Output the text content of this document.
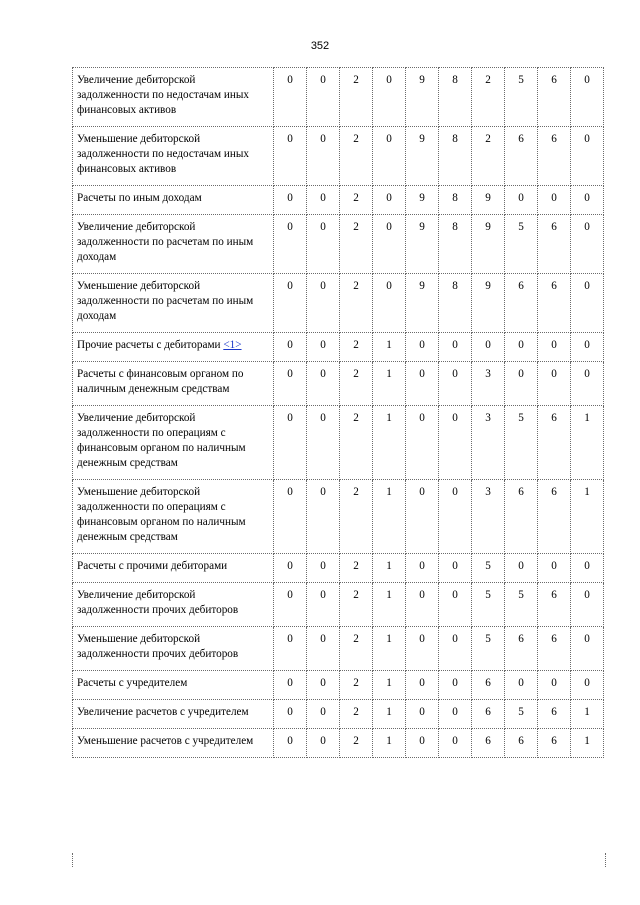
352
Увеличение дебиторской задолженности по недостачам иных финансовых активов	0	0	2	0	9	8	2	5	6	0
Уменьшение дебиторской задолженности по недостачам иных финансовых активов	0	0	2	0	9	8	2	6	6	0
Расчеты по иным доходам	0	0	2	0	9	8	9	0	0	0
Увеличение дебиторской задолженности по расчетам по иным доходам	0	0	2	0	9	8	9	5	6	0
Уменьшение дебиторской задолженности по расчетам по иным доходам	0	0	2	0	9	8	9	6	6	0
Прочие расчеты с дебиторами <1>	0	0	2	1	0	0	0	0	0	0
Расчеты с финансовым органом по наличным денежным средствам	0	0	2	1	0	0	3	0	0	0
Увеличение дебиторской задолженности по операциям с финансовым органом по наличным денежным средствам	0	0	2	1	0	0	3	5	6	1
Уменьшение дебиторской задолженности по операциям с финансовым органом по наличным денежным средствам	0	0	2	1	0	0	3	6	6	1
Расчеты с прочими дебиторами	0	0	2	1	0	0	5	0	0	0
Увеличение дебиторской задолженности прочих дебиторов	0	0	2	1	0	0	5	5	6	0
Уменьшение дебиторской задолженности прочих дебиторов	0	0	2	1	0	0	5	6	6	0
Расчеты с учредителем	0	0	2	1	0	0	6	0	0	0
Увеличение расчетов с учредителем	0	0	2	1	0	0	6	5	6	1
Уменьшение расчетов с учредителем	0	0	2	1	0	0	6	6	6	1
